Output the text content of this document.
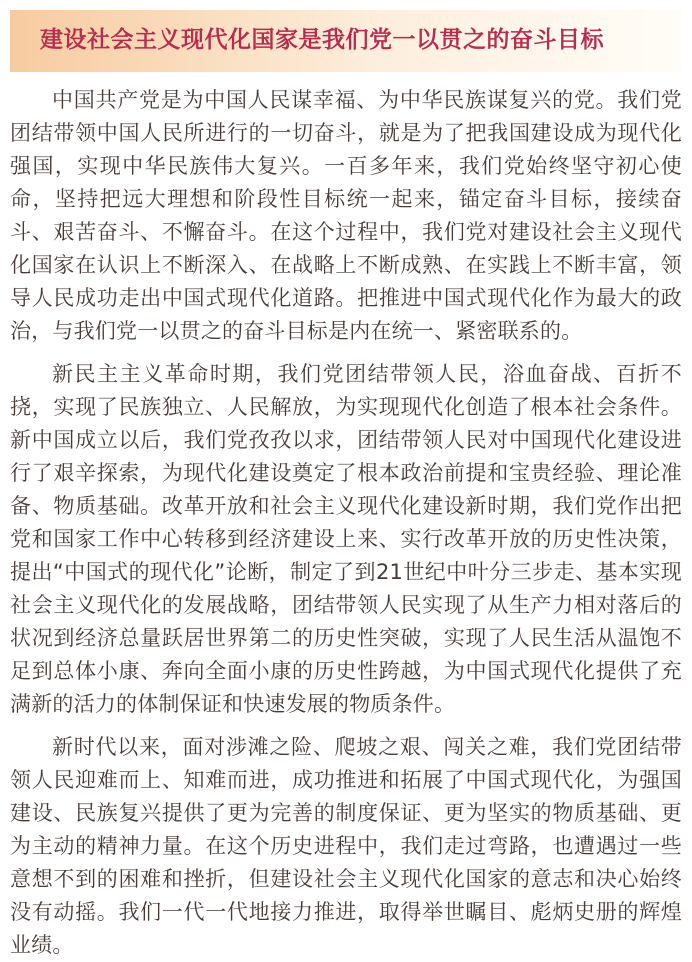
建设社会主义现代化国家是我们党一以贯之的奋斗目标

中国共产党是为中国人民谋幸福、为中华民族谋复兴的党。我们党团结带领中国人民所进行的一切奋斗，就是为了把我国建设成为现代化强国，实现中华民族伟大复兴。一百多年来，我们党始终坚守初心使命，坚持把远大理想和阶段性目标统一起来，锚定奋斗目标，接续奋斗、艰苦奋斗、不懈奋斗。在这个过程中，我们党对建设社会主义现代化国家在认识上不断深入、在战略上不断成熟、在实践上不断丰富，领导人民成功走出中国式现代化道路。把推进中国式现代化作为最大的政治，与我们党一以贯之的奋斗目标是内在统一、紧密联系的。

新民主主义革命时期，我们党团结带领人民，浴血奋战、百折不挠，实现了民族独立、人民解放，为实现现代化创造了根本社会条件。新中国成立以后，我们党孜孜以求，团结带领人民对中国现代化建设进行了艰辛探索，为现代化建设奠定了根本政治前提和宝贵经验、理论准备、物质基础。改革开放和社会主义现代化建设新时期，我们党作出把党和国家工作中心转移到经济建设上来、实行改革开放的历史性决策，提出“中国式的现代化”论断，制定了到21世纪中叶分三步走、基本实现社会主义现代化的发展战略，团结带领人民实现了从生产力相对落后的状况到经济总量跃居世界第二的历史性突破，实现了人民生活从温饱不足到总体小康、奔向全面小康的历史性跨越，为中国式现代化提供了充满新的活力的体制保证和快速发展的物质条件。

新时代以来，面对涉滩之险、爬坡之艰、闯关之难，我们党团结带领人民迎难而上、知难而进，成功推进和拓展了中国式现代化，为强国建设、民族复兴提供了更为完善的制度保证、更为坚实的物质基础、更为主动的精神力量。在这个历史进程中，我们走过弯路，也遭遇过一些意想不到的困难和挫折，但建设社会主义现代化国家的意志和决心始终没有动摇。我们一代一代地接力推进，取得举世瞩目、彪炳史册的辉煌业绩。
